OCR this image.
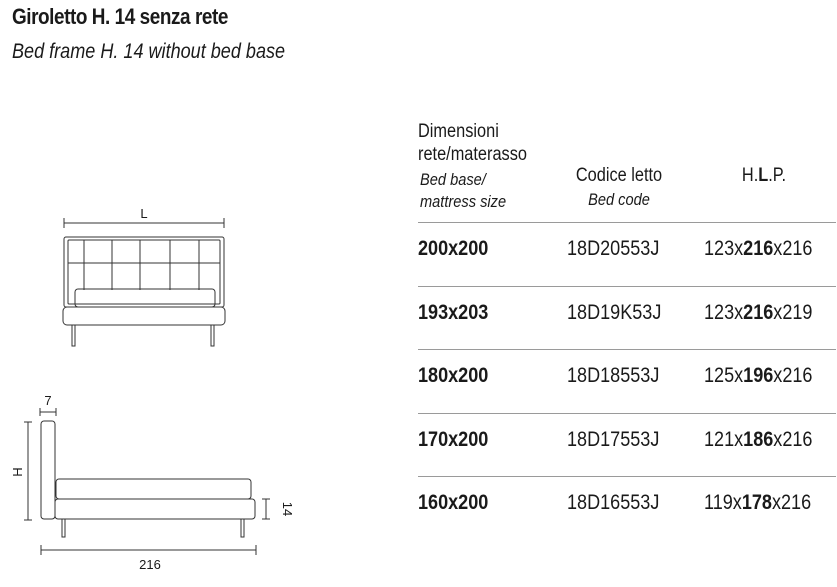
Giroletto H. 14 senza rete
Bed frame H. 14 without bed base
L
7
H
14
216
Dimensioni
rete/materasso
Bed base/
mattress size
Codice letto
Bed code
H.L.P.
200x200	18D20553J 123x216x216
193x203	18D19K53J 123x216x219
180x200	18D18553J 125x196x216
170x200	18D17553J 121x186x216
160x200	18D16553J 119x178x216
